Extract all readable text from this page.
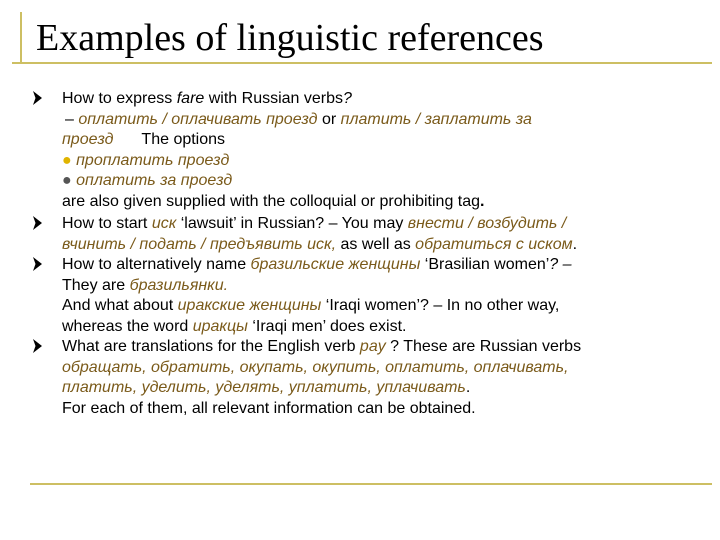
Examples of linguistic references
How to express fare with Russian verbs?
– оплатить / оплачивать проезд or платить / заплатить за
проезд The options
● проплатить проезд
● оплатить за проезд
are also given supplied with the colloquial or prohibiting tag.
How to start иск ‘lawsuit’ in Russian? – You may внести / возбудить /
вчинить / подать / предъявить иск, as well as обратиться с иском.
How to alternatively name бразильские женщины ‘Brasilian women’? –
They are бразильянки.
And what about иракские женщины ‘Iraqi women’? – In no other way,
whereas the word иракцы ‘Iraqi men’ does exist.
What are translations for the English verb pay ? These are Russian verbs
обращать, обратить, окупать, окупить, оплатить, оплачивать,
платить, уделить, уделять, уплатить, уплачивать.
For each of them, all relevant information can be obtained.
